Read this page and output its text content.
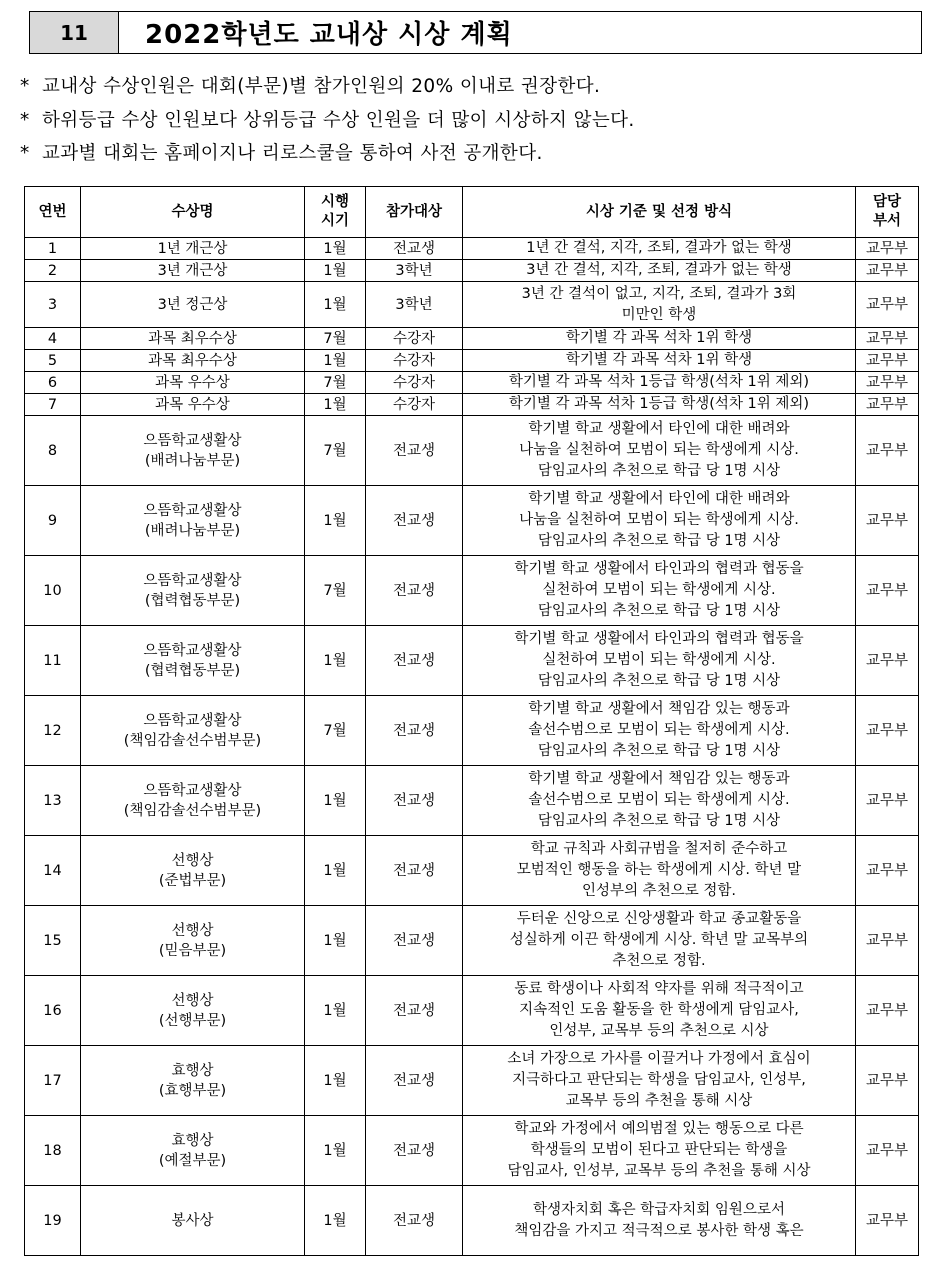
11	2022학년도 교내상 시상 계획
* 교내상 수상인원은 대회(부문)별 참가인원의 20% 이내로 권장한다.
* 하위등급 수상 인원보다 상위등급 수상 인원을 더 많이 시상하지 않는다.
* 교과별 대회는 홈페이지나 리로스쿨을 통하여 사전 공개한다.
연번	수상명	시행
시기	참가대상	시상 기준 및 선정 방식	담당
부서
1	1년 개근상	1월	전교생	1년 간 결석, 지각, 조퇴, 결과가 없는 학생	교무부
2	3년 개근상	1월	3학년	3년 간 결석, 지각, 조퇴, 결과가 없는 학생	교무부
3	3년 정근상	1월	3학년	3년 간 결석이 없고, 지각, 조퇴, 결과가 3회
미만인 학생	교무부
4	과목 최우수상	7월	수강자	학기별 각 과목 석차 1위 학생	교무부
5	과목 최우수상	1월	수강자	학기별 각 과목 석차 1위 학생	교무부
6	과목 우수상	7월	수강자	학기별 각 과목 석차 1등급 학생(석차 1위 제외)	교무부
7	과목 우수상	1월	수강자	학기별 각 과목 석차 1등급 학생(석차 1위 제외)	교무부
8	으뜸학교생활상
(배려나눔부문)	7월	전교생	학기별 학교 생활에서 타인에 대한 배려와
나눔을 실천하여 모범이 되는 학생에게 시상.
담임교사의 추천으로 학급 당 1명 시상	교무부
9	으뜸학교생활상
(배려나눔부문)	1월	전교생	학기별 학교 생활에서 타인에 대한 배려와
나눔을 실천하여 모범이 되는 학생에게 시상.
담임교사의 추천으로 학급 당 1명 시상	교무부
10	으뜸학교생활상
(협력협동부문)	7월	전교생	학기별 학교 생활에서 타인과의 협력과 협동을
실천하여 모범이 되는 학생에게 시상.
담임교사의 추천으로 학급 당 1명 시상	교무부
11	으뜸학교생활상
(협력협동부문)	1월	전교생	학기별 학교 생활에서 타인과의 협력과 협동을
실천하여 모범이 되는 학생에게 시상.
담임교사의 추천으로 학급 당 1명 시상	교무부
12	으뜸학교생활상
(책임감솔선수범부문)	7월	전교생	학기별 학교 생활에서 책임감 있는 행동과
솔선수범으로 모범이 되는 학생에게 시상.
담임교사의 추천으로 학급 당 1명 시상	교무부
13	으뜸학교생활상
(책임감솔선수범부문)	1월	전교생	학기별 학교 생활에서 책임감 있는 행동과
솔선수범으로 모범이 되는 학생에게 시상.
담임교사의 추천으로 학급 당 1명 시상	교무부
14	선행상
(준법부문)	1월	전교생	학교 규칙과 사회규범을 철저히 준수하고
모범적인 행동을 하는 학생에게 시상. 학년 말
인성부의 추천으로 정함.	교무부
15	선행상
(믿음부문)	1월	전교생	두터운 신앙으로 신앙생활과 학교 종교활동을
성실하게 이끈 학생에게 시상. 학년 말 교목부의
추천으로 정함.	교무부
16	선행상
(선행부문)	1월	전교생	동료 학생이나 사회적 약자를 위해 적극적이고
지속적인 도움 활동을 한 학생에게 담임교사,
인성부, 교목부 등의 추천으로 시상	교무부
17	효행상
(효행부문)	1월	전교생	소녀 가장으로 가사를 이끌거나 가정에서 효심이
지극하다고 판단되는 학생을 담임교사, 인성부,
교목부 등의 추천을 통해 시상	교무부
18	효행상
(예절부문)	1월	전교생	학교와 가정에서 예의범절 있는 행동으로 다른
학생들의 모범이 된다고 판단되는 학생을
담임교사, 인성부, 교목부 등의 추천을 통해 시상	교무부
19	봉사상	1월	전교생	학생자치회 혹은 학급자치회 임원으로서
책임감을 가지고 적극적으로 봉사한 학생 혹은	교무부
